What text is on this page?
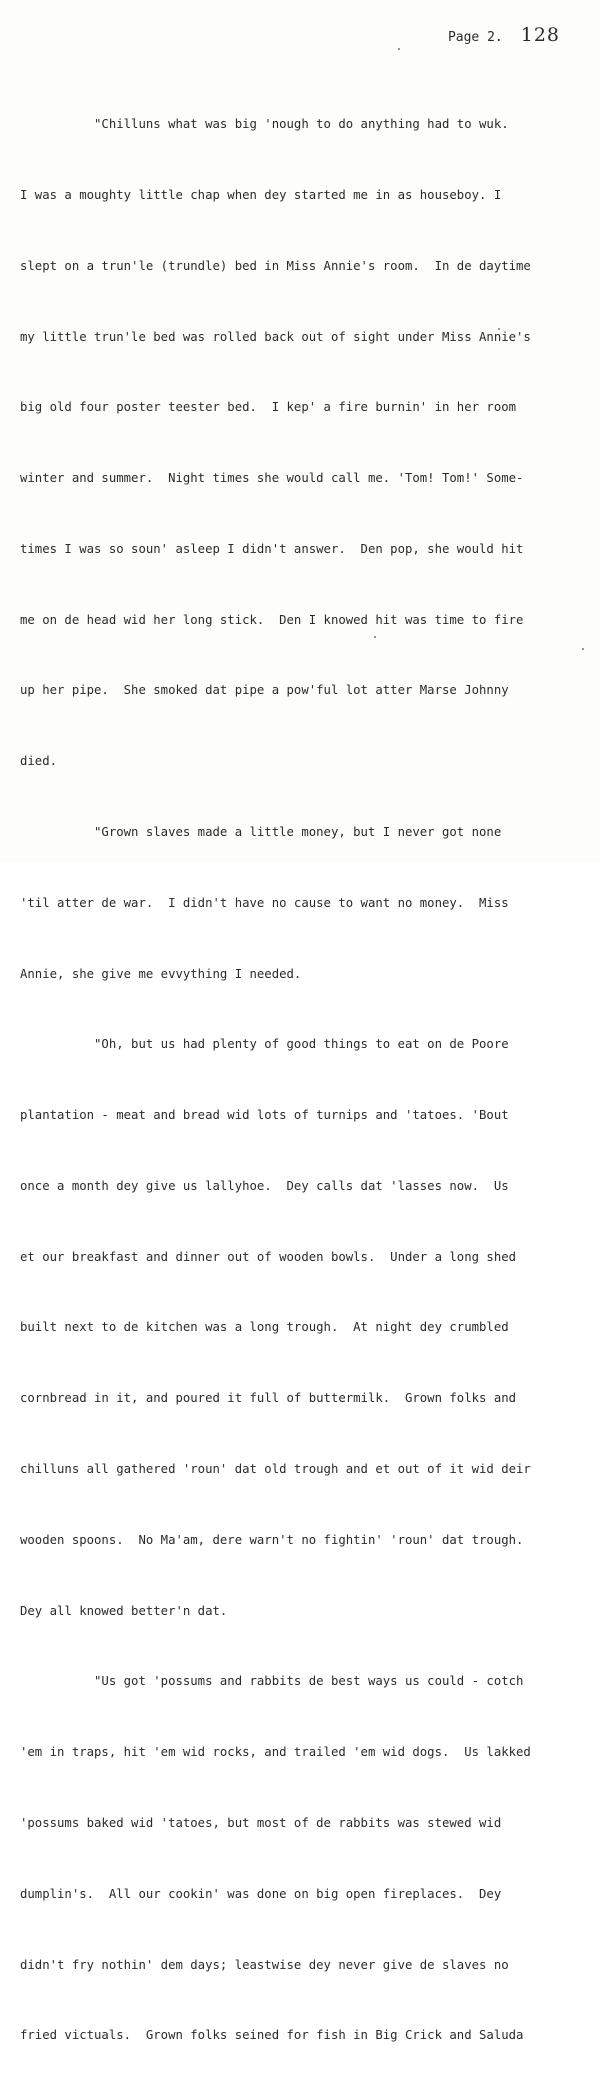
Page 2. 128

"Chilluns what was big 'nough to do anything had to wuk.

I was a moughty little chap when dey started me in as houseboy. I

slept on a trun'le (trundle) bed in Miss Annie's room.  In de daytime

my little trun'le bed was rolled back out of sight under Miss Annie's

big old four poster teester bed.  I kep' a fire burnin' in her room

winter and summer.  Night times she would call me. 'Tom! Tom!' Some-

times I was so soun' asleep I didn't answer.  Den pop, she would hit

me on de head wid her long stick.  Den I knowed hit was time to fire

up her pipe.  She smoked dat pipe a pow'ful lot atter Marse Johnny

died.

"Grown slaves made a little money, but I never got none

'til atter de war.  I didn't have no cause to want no money.  Miss

Annie, she give me evvything I needed.

"Oh, but us had plenty of good things to eat on de Poore

plantation - meat and bread wid lots of turnips and 'tatoes. 'Bout

once a month dey give us lallyhoe.  Dey calls dat 'lasses now.  Us

et our breakfast and dinner out of wooden bowls.  Under a long shed

built next to de kitchen was a long trough.  At night dey crumbled

cornbread in it, and poured it full of buttermilk.  Grown folks and

chilluns all gathered 'roun' dat old trough and et out of it wid deir

wooden spoons.  No Ma'am, dere warn't no fightin' 'roun' dat trough.

Dey all knowed better'n dat.

"Us got 'possums and rabbits de best ways us could - cotch

'em in traps, hit 'em wid rocks, and trailed 'em wid dogs.  Us lakked

'possums baked wid 'tatoes, but most of de rabbits was stewed wid

dumplin's.  All our cookin' was done on big open fireplaces.  Dey

didn't fry nothin' dem days; leastwise dey never give de slaves no

fried victuals.  Grown folks seined for fish in Big Crick and Saluda
